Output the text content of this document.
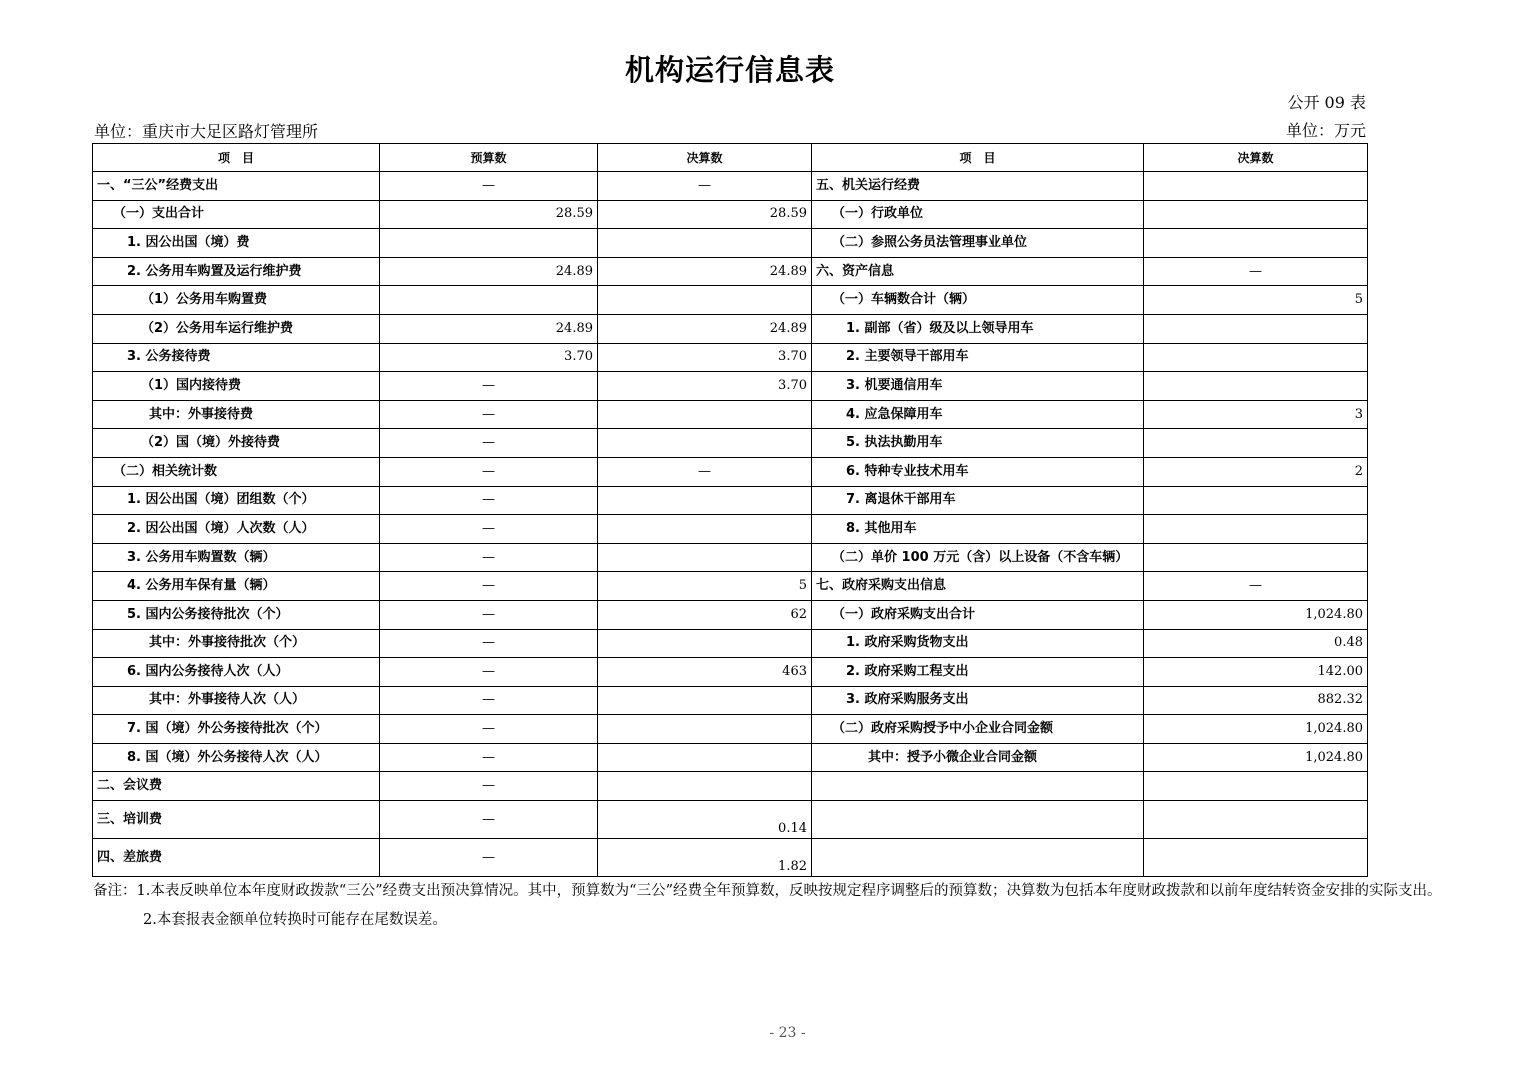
机构运行信息表
公开 09 表
单位：重庆市大足区路灯管理所	单位：万元
项　目	预算数	决算数	项　目	决算数
一、“三公”经费支出	—	—	五、机关运行经费	
（一）支出合计	28.59	28.59	（一）行政单位	
1. 因公出国（境）费			（二）参照公务员法管理事业单位	
2. 公务用车购置及运行维护费	24.89	24.89	六、资产信息	—
（1）公务用车购置费			（一）车辆数合计（辆）	5
（2）公务用车运行维护费	24.89	24.89	1. 副部（省）级及以上领导用车	
3. 公务接待费	3.70	3.70	2. 主要领导干部用车	
（1）国内接待费	—	3.70	3. 机要通信用车	
其中：外事接待费	—		4. 应急保障用车	3
（2）国（境）外接待费	—		5. 执法执勤用车	
（二）相关统计数	—	—	6. 特种专业技术用车	2
1. 因公出国（境）团组数（个）	—		7. 离退休干部用车	
2. 因公出国（境）人次数（人）	—		8. 其他用车	
3. 公务用车购置数（辆）	—		（二）单价 100 万元（含）以上设备（不含车辆）	
4. 公务用车保有量（辆）	—	5	七、政府采购支出信息	—
5. 国内公务接待批次（个）	—	62	（一）政府采购支出合计	1,024.80
其中：外事接待批次（个）	—		1. 政府采购货物支出	0.48
6. 国内公务接待人次（人）	—	463	2. 政府采购工程支出	142.00
其中：外事接待人次（人）	—		3. 政府采购服务支出	882.32
7. 国（境）外公务接待批次（个）	—		（二）政府采购授予中小企业合同金额	1,024.80
8. 国（境）外公务接待人次（人）	—		其中：授予小微企业合同金额	1,024.80
二、会议费	—			
三、培训费	—	0.14		
四、差旅费	—	1.82		
备注：1.本表反映单位本年度财政拨款“三公”经费支出预决算情况。其中，预算数为“三公”经费全年预算数，反映按规定程序调整后的预算数；决算数为包括本年度财政拨款和以前年度结转资金安排的实际支出。
2.本套报表金额单位转换时可能存在尾数误差。
- 23 -
